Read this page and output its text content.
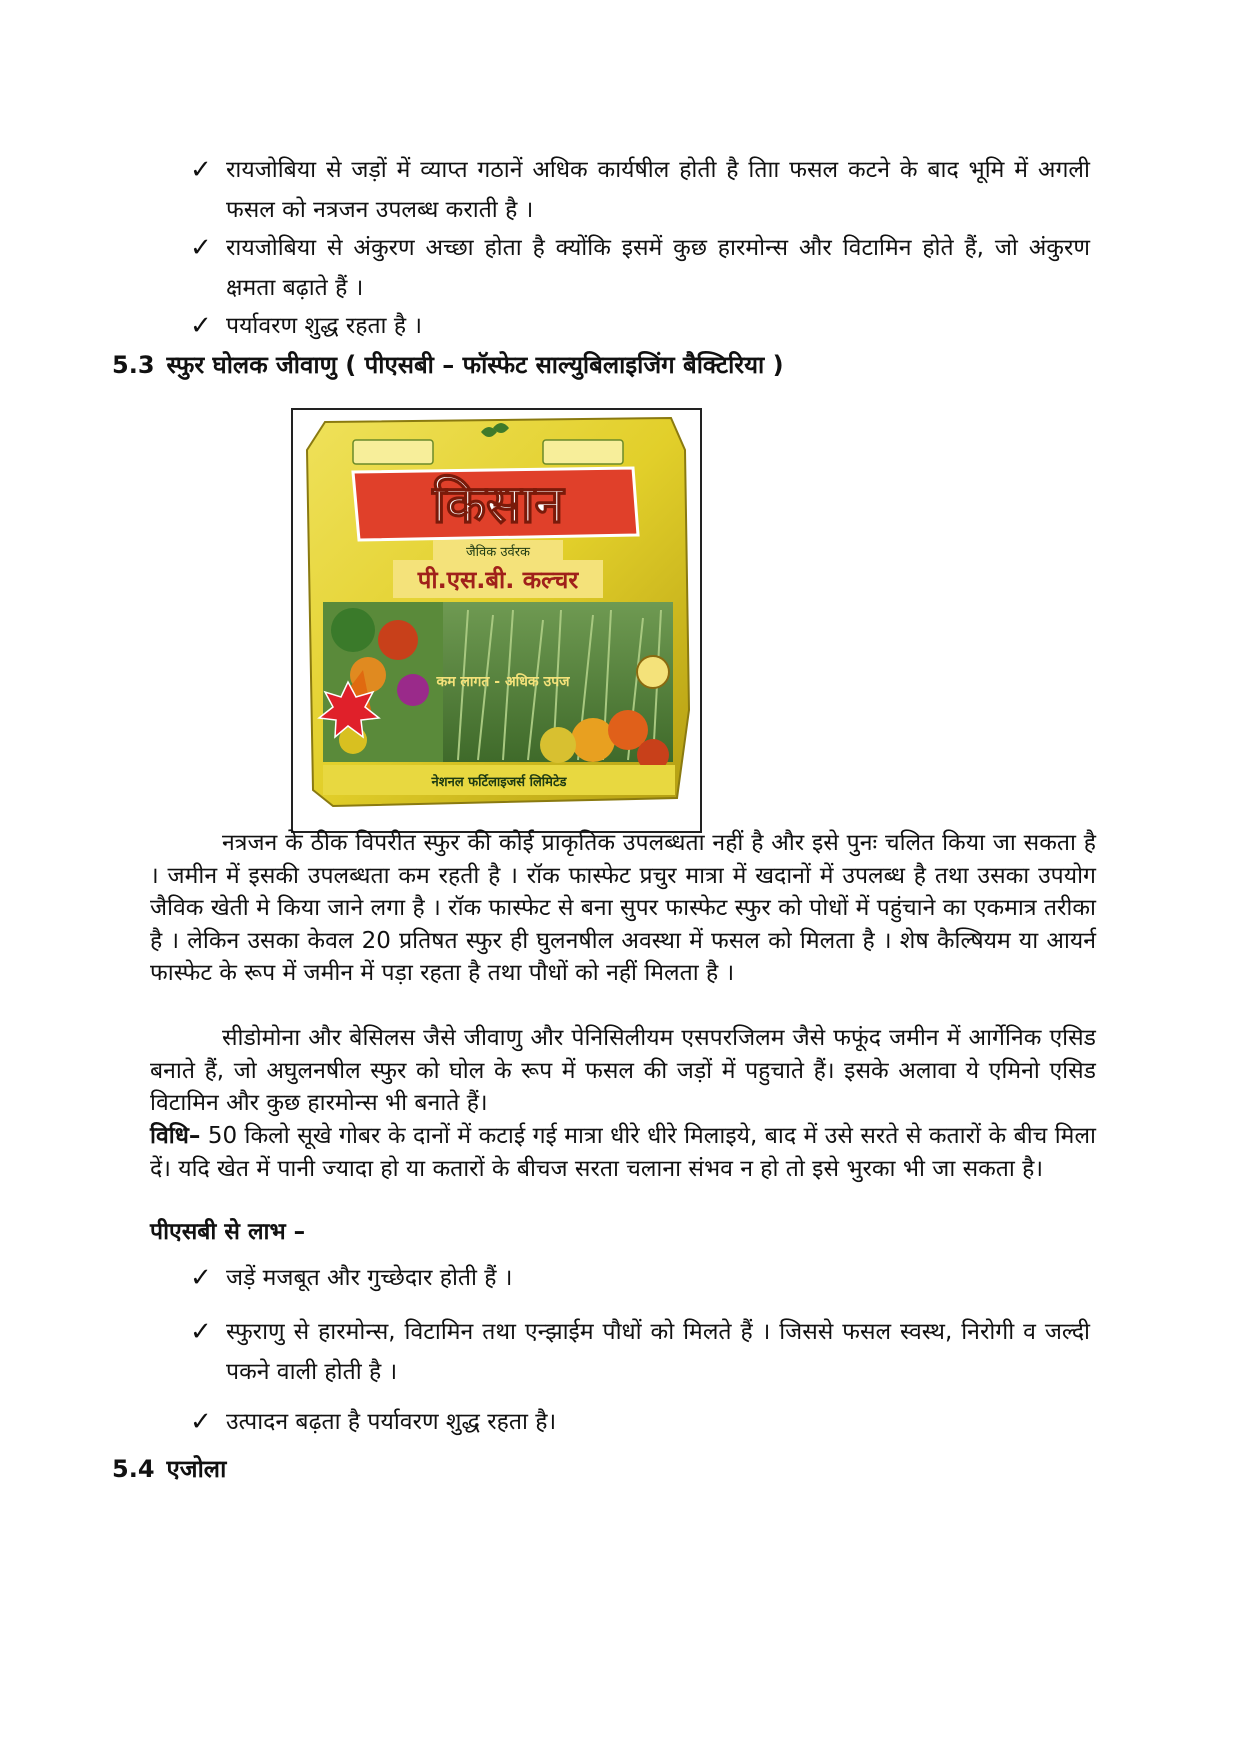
✓ रायजोबिया से जड़ों में व्याप्त गठानें अधिक कार्यषील होती है तािा फसल कटने के बाद भूमि में अगली फसल को नत्रजन उपलब्ध कराती है ।
✓ रायजोबिया से अंकुरण अच्छा होता है क्योंकि इसमें कुछ हारमोन्स और विटामिन होते हैं, जो अंकुरण क्षमता बढ़ाते हैं ।
✓ पर्यावरण शुद्ध रहता है ।
5.3 स्फुर घोलक जीवाणु ( पीएसबी – फॉस्फेट साल्युबिलाइजिंग बैक्टिरिया )
किसान
जैविक उर्वरक
पी.एस.बी. कल्चर
कम लागत - अधिक उपज
नेशनल फर्टिलाइजर्स लिमिटेड
नत्रजन के ठीक विपरीत स्फुर की कोई प्राकृतिक उपलब्धता नहीं है और इसे पुनः चलित किया जा सकता है । जमीन में इसकी उपलब्धता कम रहती है । रॉक फास्फेट प्रचुर मात्रा में खदानों में उपलब्ध है तथा उसका उपयोग जैविक खेती मे किया जाने लगा है । रॉक फास्फेट से बना सुपर फास्फेट स्फुर को पोधों में पहुंचाने का एकमात्र तरीका है । लेकिन उसका केवल 20 प्रतिषत स्फुर ही घुलनषील अवस्था में फसल को मिलता है । शेष कैल्षियम या आयर्न फास्फेट के रूप में जमीन में पड़ा रहता है तथा पौधों को नहीं मिलता है ।
सीडोमोना और बेसिलस जैसे जीवाणु और पेनिसिलीयम एसपरजिलम जैसे फफूंद जमीन में आर्गेनिक एसिड बनाते हैं, जो अघुलनषील स्फुर को घोल के रूप में फसल की जड़ों में पहुचाते हैं। इसके अलावा ये एमिनो एसिड विटामिन और कुछ हारमोन्स भी बनाते हैं।
विधि– 50 किलो सूखे गोबर के दानों में कटाई गई मात्रा धीरे धीरे मिलाइये, बाद में उसे सरते से कतारों के बीच मिला दें। यदि खेत में पानी ज्यादा हो या कतारों के बीचज सरता चलाना संभव न हो तो इसे भुरका भी जा सकता है।
पीएसबी से लाभ –
✓ जड़ें मजबूत और गुच्छेदार होती हैं ।
✓ स्फुराणु से हारमोन्स, विटामिन तथा एन्झाईम पौधों को मिलते हैं । जिससे फसल स्वस्थ, निरोगी व जल्दी पकने वाली होती है ।
✓ उत्पादन बढ़ता है पर्यावरण शुद्ध रहता है।
5.4 एजोला
